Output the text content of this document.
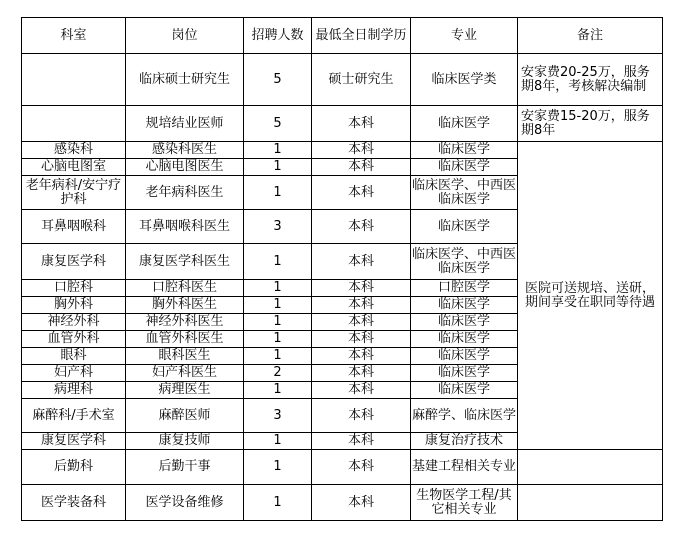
科室	岗位	招聘人数	最低全日制学历	专业	备注
	临床硕士研究生	5	硕士研究生	临床医学类	安家费20-25万，服务期8年，考核解决编制
	规培结业医师	5	本科	临床医学	安家费15-20万，服务期8年
感染科	感染科医生	1	本科	临床医学	医院可送规培、送研，期间享受在职同等待遇
心脑电图室	心脑电图医生	1	本科	临床医学	
老年病科/安宁疗护科	老年病科医生	1	本科	临床医学、中西医临床医学	
耳鼻咽喉科	耳鼻咽喉科医生	3	本科	临床医学	
康复医学科	康复医学科医生	1	本科	临床医学、中西医临床医学	
口腔科	口腔科医生	1	本科	口腔医学	
胸外科	胸外科医生	1	本科	临床医学	
神经外科	神经外科医生	1	本科	临床医学	
血管外科	血管外科医生	1	本科	临床医学	
眼科	眼科医生	1	本科	临床医学	
妇产科	妇产科医生	2	本科	临床医学	
病理科	病理医生	1	本科	临床医学	
麻醉科/手术室	麻醉医师	3	本科	麻醉学、临床医学	
康复医学科	康复技师	1	本科	康复治疗技术	
后勤科	后勤干事	1	本科	基建工程相关专业	
医学装备科	医学设备维修	1	本科	生物医学工程/其它相关专业	
